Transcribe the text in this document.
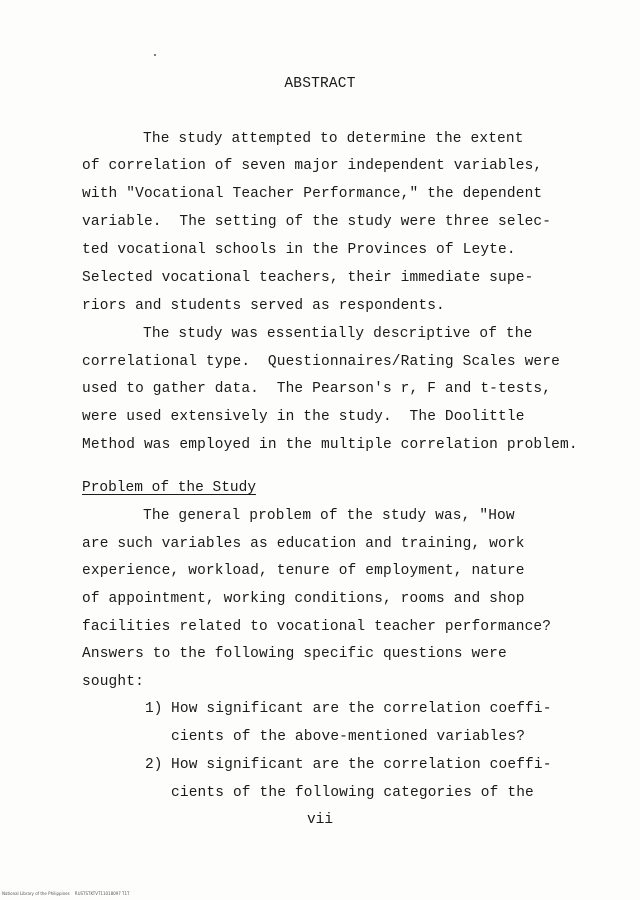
ABSTRACT
The study attempted to determine the extent
of correlation of seven major independent variables,
with "Vocational Teacher Performance," the dependent
variable.  The setting of the study were three selec-
ted vocational schools in the Provinces of Leyte.
Selected vocational teachers, their immediate supe-
riors and students served as respondents.
The study was essentially descriptive of the
correlational type.  Questionnaires/Rating Scales were
used to gather data.  The Pearson's r, F and t-tests,
were used extensively in the study.  The Doolittle
Method was employed in the multiple correlation problem.
Problem of the Study
The general problem of the study was, "How
are such variables as education and training, work
experience, workload, tenure of employment, nature
of appointment, working conditions, rooms and shop
facilities related to vocational teacher performance?
Answers to the following specific questions were
sought:
1) How significant are the correlation coeffi-
cients of the above-mentioned variables?
2) How significant are the correlation coeffi-
cients of the following categories of the
vii
National Library of the Philippines    RUSTSTKTVT11018097 T1T
